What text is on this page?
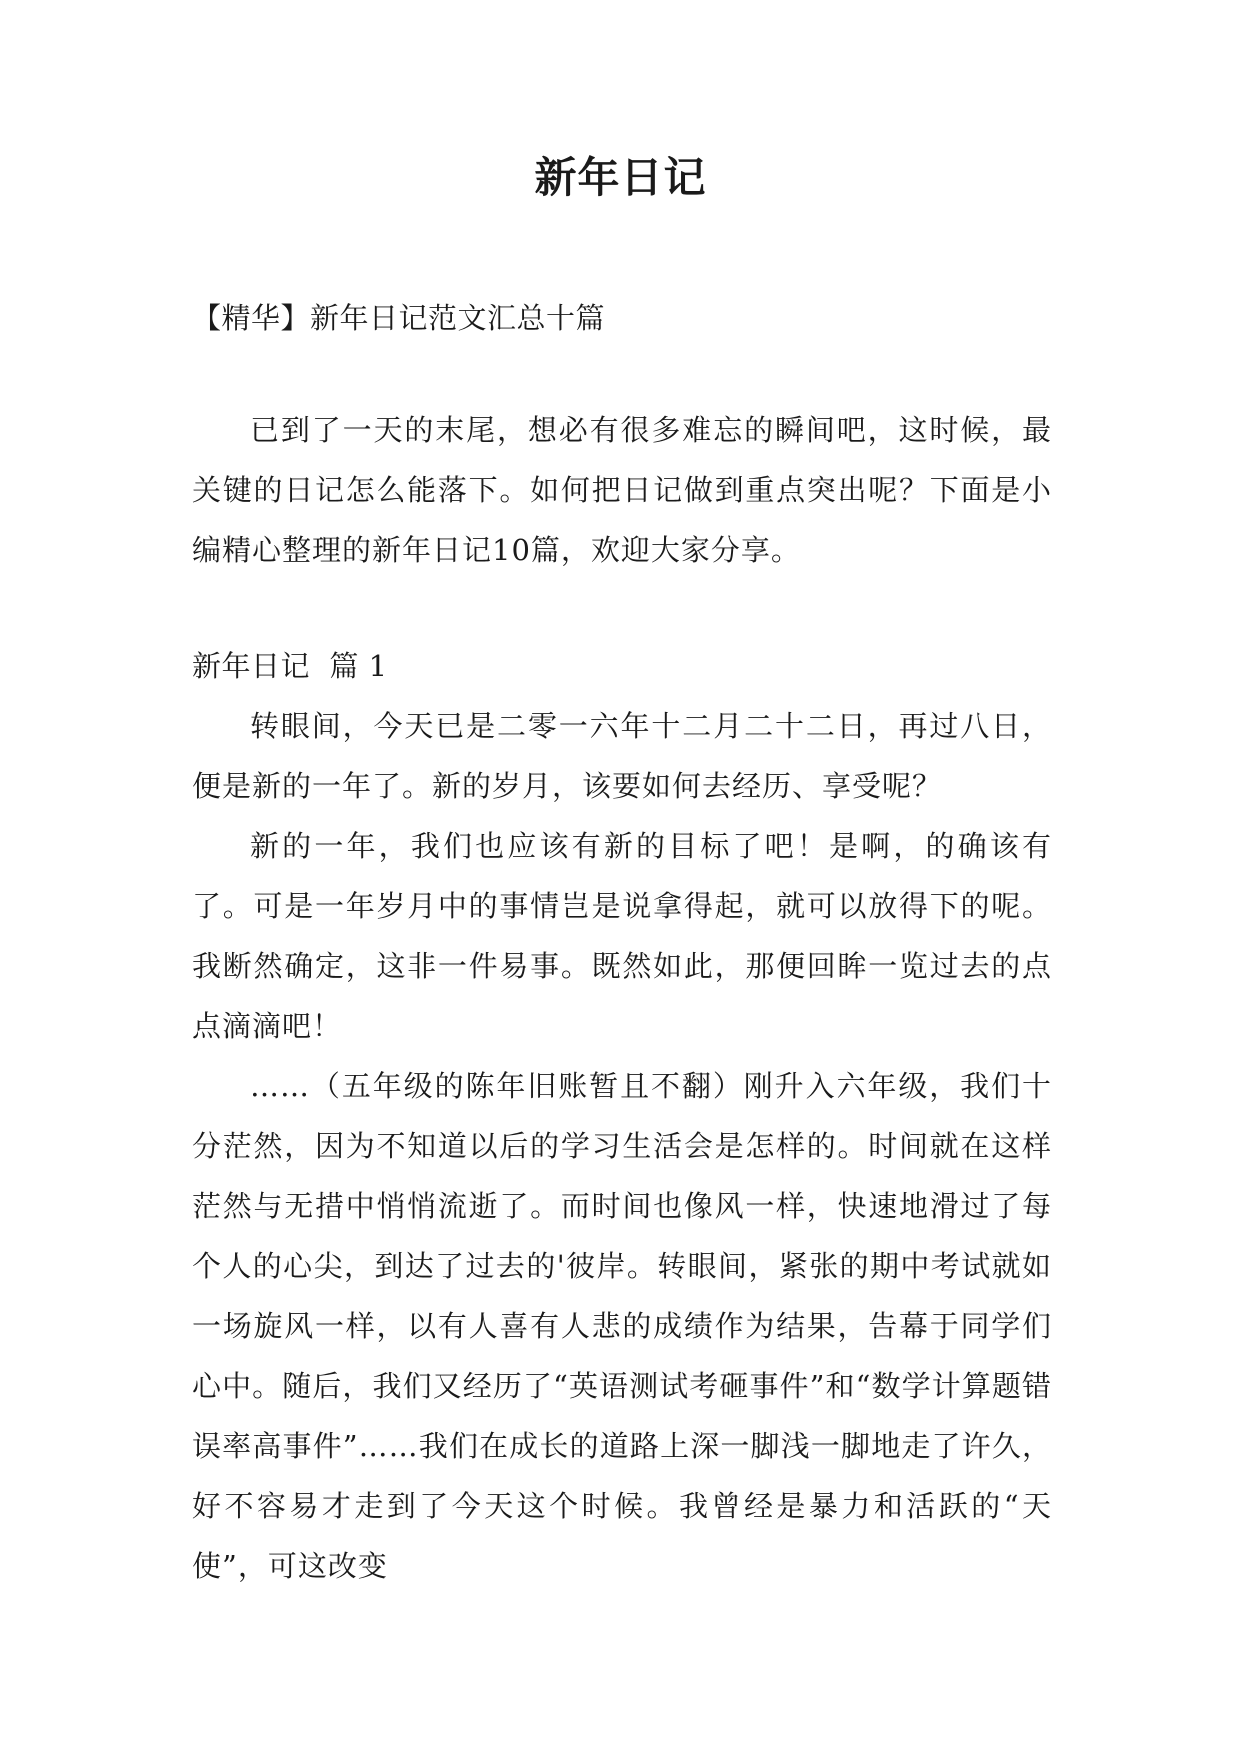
新年日记
【精华】新年日记范文汇总十篇

已到了一天的末尾，想必有很多难忘的瞬间吧，这时候，最关键的日记怎么能落下。如何把日记做到重点突出呢？下面是小编精心整理的新年日记10篇，欢迎大家分享。

新年日记  篇 1

转眼间，今天已是二零一六年十二月二十二日，再过八日，便是新的一年了。新的岁月，该要如何去经历、享受呢？

新的一年，我们也应该有新的目标了吧！是啊，的确该有了。可是一年岁月中的事情岂是说拿得起，就可以放得下的呢。我断然确定，这非一件易事。既然如此，那便回眸一览过去的点点滴滴吧！

……（五年级的陈年旧账暂且不翻）刚升入六年级，我们十分茫然，因为不知道以后的学习生活会是怎样的。时间就在这样茫然与无措中悄悄流逝了。而时间也像风一样，快速地滑过了每个人的心尖，到达了过去的'彼岸。转眼间，紧张的期中考试就如一场旋风一样，以有人喜有人悲的成绩作为结果，告幕于同学们心中。随后，我们又经历了“英语测试考砸事件”和“数学计算题错误率高事件”……我们在成长的道路上深一脚浅一脚地走了许久，好不容易才走到了今天这个时候。我曾经是暴力和活跃的“天使”，可这改变
